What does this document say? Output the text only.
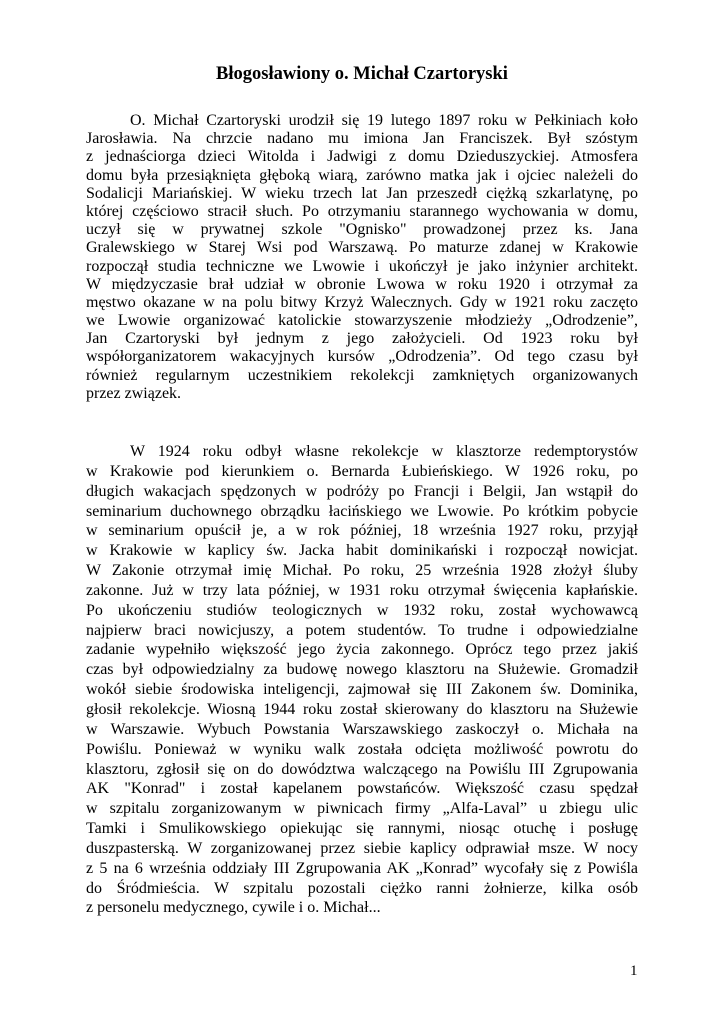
Błogosławiony o. Michał Czartoryski
O. Michał Czartoryski urodził się 19 lutego 1897 roku w Pełkiniach koło
Jarosławia. Na chrzcie nadano mu imiona Jan Franciszek. Był szóstym
z jednaściorga dzieci Witolda i Jadwigi z domu Dzieduszyckiej. Atmosfera
domu była przesiąknięta głęboką wiarą, zarówno matka jak i ojciec należeli do
Sodalicji Mariańskiej. W wieku trzech lat Jan przeszedł ciężką szkarlatynę, po
której częściowo stracił słuch. Po otrzymaniu starannego wychowania w domu,
uczył się w prywatnej szkole "Ognisko" prowadzonej przez ks. Jana
Gralewskiego w Starej Wsi pod Warszawą. Po maturze zdanej w Krakowie
rozpoczął studia techniczne we Lwowie i ukończył je jako inżynier architekt.
W międzyczasie brał udział w obronie Lwowa w roku 1920 i otrzymał za
męstwo okazane w na polu bitwy Krzyż Walecznych. Gdy w 1921 roku zaczęto
we Lwowie organizować katolickie stowarzyszenie młodzieży „Odrodzenie”,
Jan Czartoryski był jednym z jego założycieli. Od 1923 roku był
współorganizatorem wakacyjnych kursów „Odrodzenia”. Od tego czasu był
również regularnym uczestnikiem rekolekcji zamkniętych organizowanych
przez związek.
W 1924 roku odbył własne rekolekcje w klasztorze redemptorystów
w Krakowie pod kierunkiem o. Bernarda Łubieńskiego. W 1926 roku, po
długich wakacjach spędzonych w podróży po Francji i Belgii, Jan wstąpił do
seminarium duchownego obrządku łacińskiego we Lwowie. Po krótkim pobycie
w seminarium opuścił je, a w rok później, 18 września 1927 roku, przyjął
w Krakowie w kaplicy św. Jacka habit dominikański i rozpoczął nowicjat.
W Zakonie otrzymał imię Michał. Po roku, 25 września 1928 złożył śluby
zakonne. Już w trzy lata później, w 1931 roku otrzymał święcenia kapłańskie.
Po ukończeniu studiów teologicznych w 1932 roku, został wychowawcą
najpierw braci nowicjuszy, a potem studentów. To trudne i odpowiedzialne
zadanie wypełniło większość jego życia zakonnego. Oprócz tego przez jakiś
czas był odpowiedzialny za budowę nowego klasztoru na Służewie. Gromadził
wokół siebie środowiska inteligencji, zajmował się III Zakonem św. Dominika,
głosił rekolekcje. Wiosną 1944 roku został skierowany do klasztoru na Służewie
w Warszawie. Wybuch Powstania Warszawskiego zaskoczył o. Michała na
Powiślu. Ponieważ w wyniku walk została odcięta możliwość powrotu do
klasztoru, zgłosił się on do dowództwa walczącego na Powiślu III Zgrupowania
AK "Konrad" i został kapelanem powstańców. Większość czasu spędzał
w szpitalu zorganizowanym w piwnicach firmy „Alfa-Laval” u zbiegu ulic
Tamki i Smulikowskiego opiekując się rannymi, niosąc otuchę i posługę
duszpasterską. W zorganizowanej przez siebie kaplicy odprawiał msze. W nocy
z 5 na 6 września oddziały III Zgrupowania AK „Konrad” wycofały się z Powiśla
do Śródmieścia. W szpitalu pozostali ciężko ranni żołnierze, kilka osób
z personelu medycznego, cywile i o. Michał...
1
